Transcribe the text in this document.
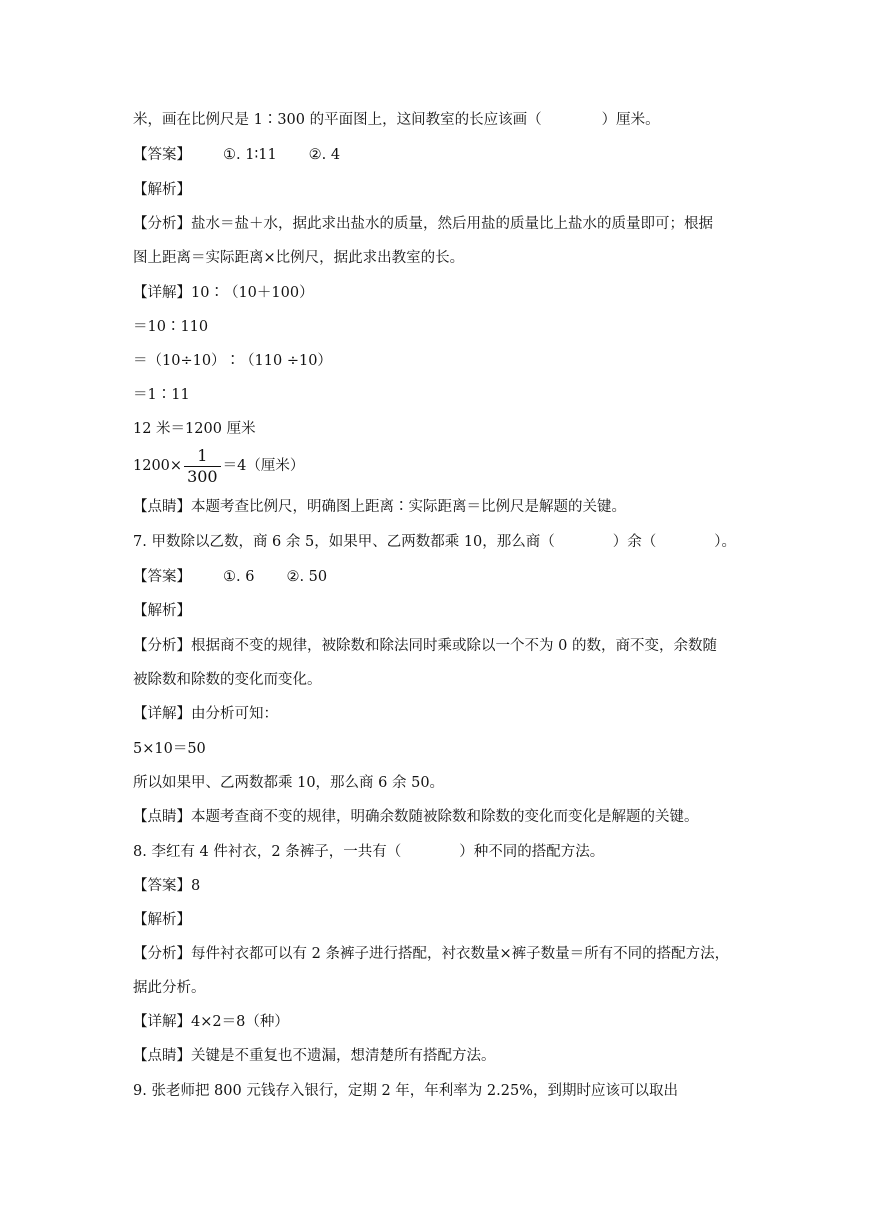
米，画在比例尺是 1∶300 的平面图上，这间教室的长应该画（	）厘米。
【答案】 ①. 1∶11 ②. 4
【解析】
【分析】盐水＝盐＋水，据此求出盐水的质量，然后用盐的质量比上盐水的质量即可；根据
图上距离＝实际距离×比例尺，据此求出教室的长。
【详解】10∶（10＋100）
＝10∶110
＝（10÷10）∶（110 ÷10）
＝1∶11
12 米＝1200 厘米
$1200\times \frac{1}{300} =4$（厘米）
【点睛】本题考查比例尺，明确图上距离∶实际距离＝比例尺是解题的关键。
7. 甲数除以乙数，商 6 余 5，如果甲、乙两数都乘 10，那么商（	）余（	）。
【答案】 ①. 6 ②. 50
【解析】
【分析】根据商不变的规律，被除数和除法同时乘或除以一个不为 0 的数，商不变，余数随
被除数和除数的变化而变化。
【详解】由分析可知：
5×10＝50
所以如果甲、乙两数都乘 10，那么商 6 余 50。
【点睛】本题考查商不变的规律，明确余数随被除数和除数的变化而变化是解题的关键。
8. 李红有 4 件衬衣，2 条裤子，一共有（	）种不同的搭配方法。
【答案】8
【解析】
【分析】每件衬衣都可以有 2 条裤子进行搭配，衬衣数量×裤子数量＝所有不同的搭配方法，
据此分析。
【详解】4×2＝8（种）
【点睛】关键是不重复也不遗漏，想清楚所有搭配方法。
9. 张老师把 800 元钱存入银行，定期 2 年，年利率为 2.25%，到期时应该可以取出
